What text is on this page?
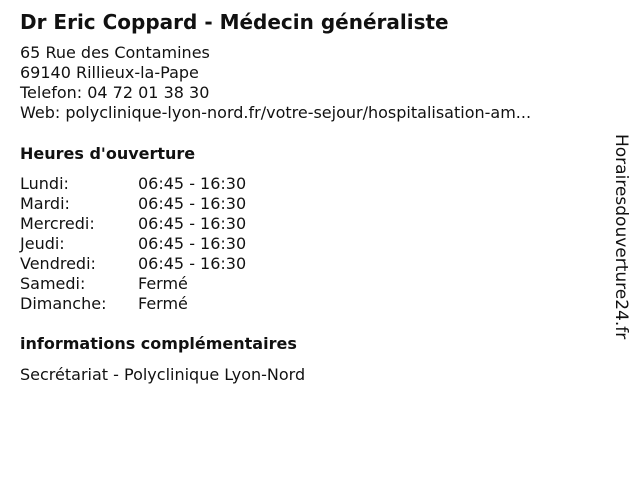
Dr Eric Coppard - Médecin généraliste
65 Rue des Contamines
69140 Rillieux-la-Pape
Telefon: 04 72 01 38 30
Web: polyclinique-lyon-nord.fr/votre-sejour/hospitalisation-am...
Heures d'ouverture
Lundi:	06:45 - 16:30
Mardi:	06:45 - 16:30
Mercredi:	06:45 - 16:30
Jeudi:	06:45 - 16:30
Vendredi:	06:45 - 16:30
Samedi:	Fermé
Dimanche:	Fermé
informations complémentaires
Secrétariat - Polyclinique Lyon-Nord
Horairesdouverture24.fr
